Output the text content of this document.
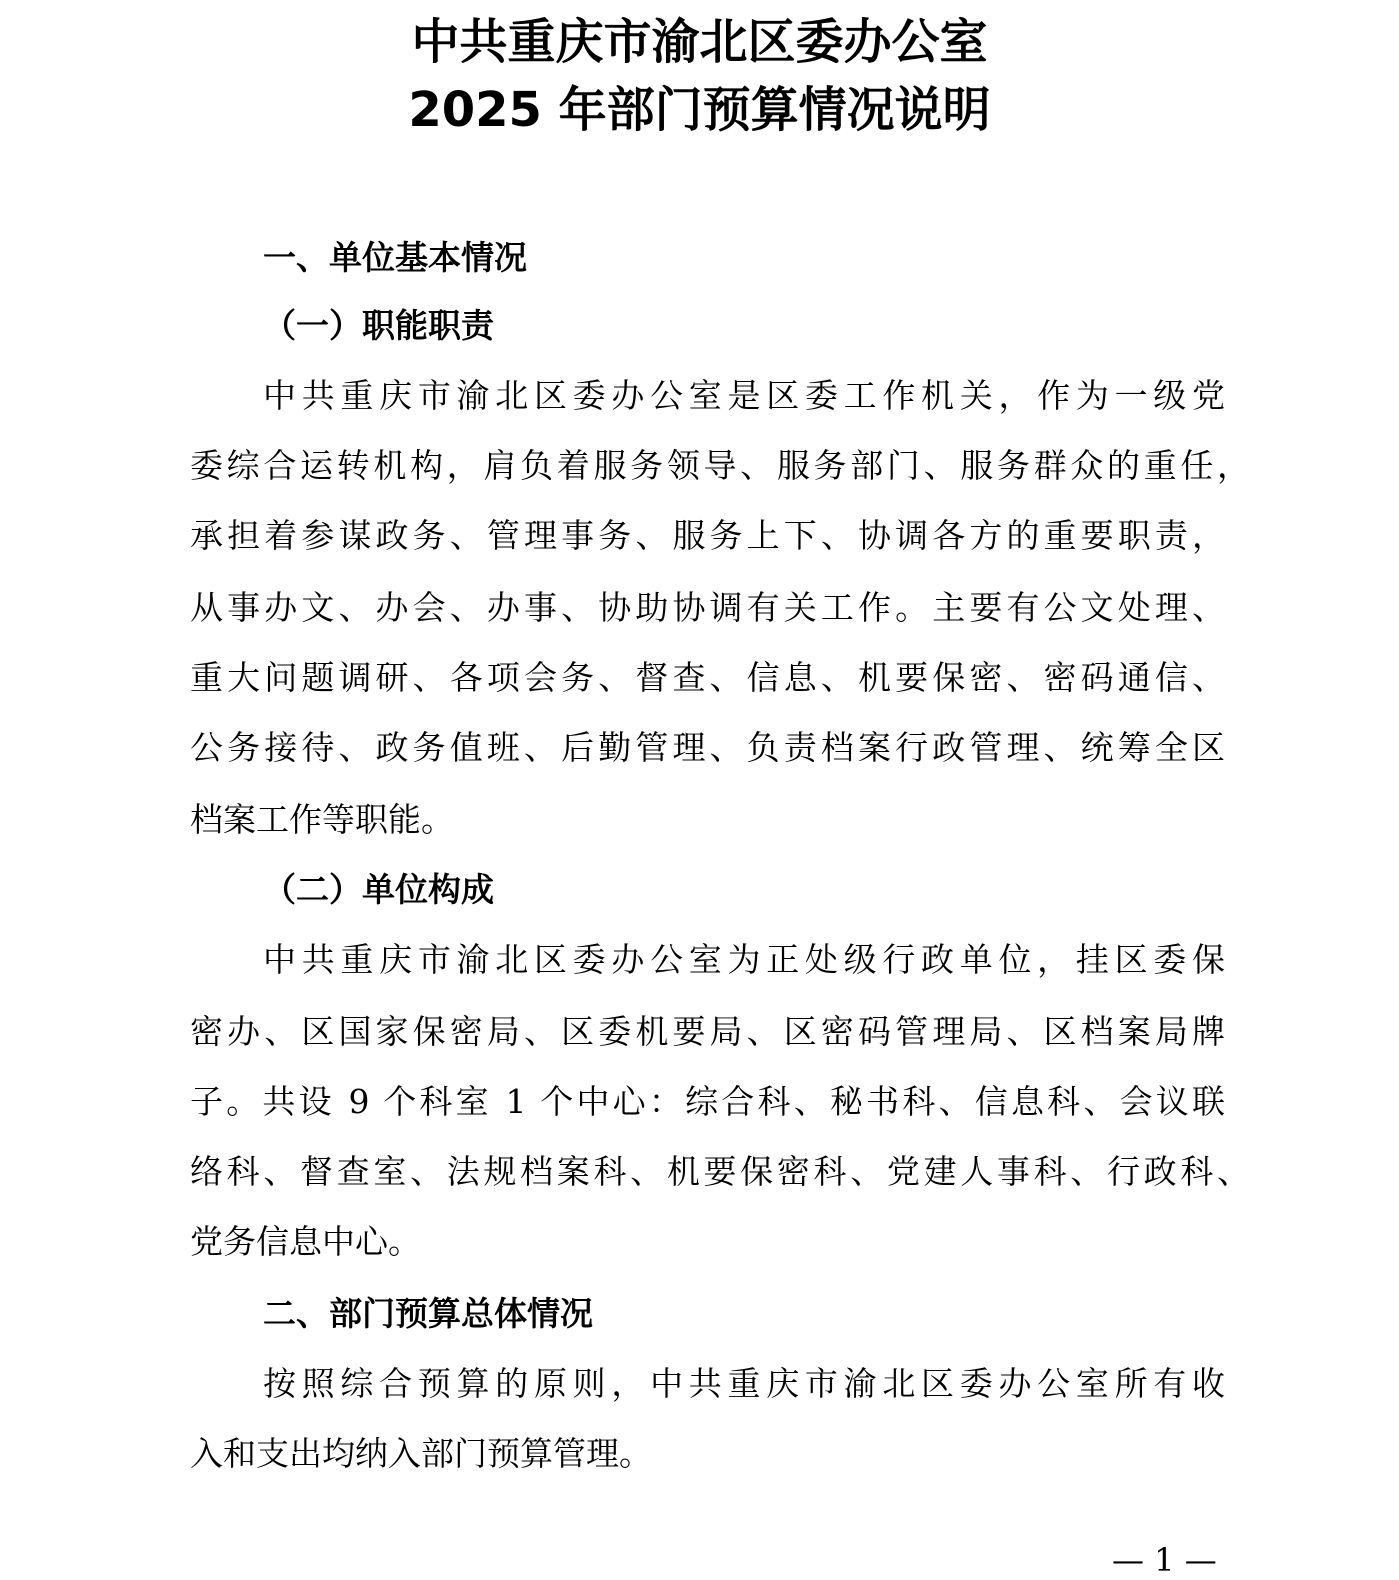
中共重庆市渝北区委办公室
2025 年部门预算情况说明
一、单位基本情况
（一）职能职责

中共重庆市渝北区委办公室是区委工作机关，作为一级党

委综合运转机构，肩负着服务领导、服务部门、服务群众的重任，

承担着参谋政务、管理事务、服务上下、协调各方的重要职责，

从事办文、办会、办事、协助协调有关工作。主要有公文处理、

重大问题调研、各项会务、督查、信息、机要保密、密码通信、

公务接待、政务值班、后勤管理、负责档案行政管理、统筹全区

档案工作等职能。

（二）单位构成

中共重庆市渝北区委办公室为正处级行政单位，挂区委保

密办、区国家保密局、区委机要局、区密码管理局、区档案局牌

子。共设 9 个科室 1 个中心：综合科、秘书科、信息科、会议联

络科、督查室、法规档案科、机要保密科、党建人事科、行政科、

党务信息中心。

二、部门预算总体情况

按照综合预算的原则，中共重庆市渝北区委办公室所有收

入和支出均纳入部门预算管理。

— 1 —
